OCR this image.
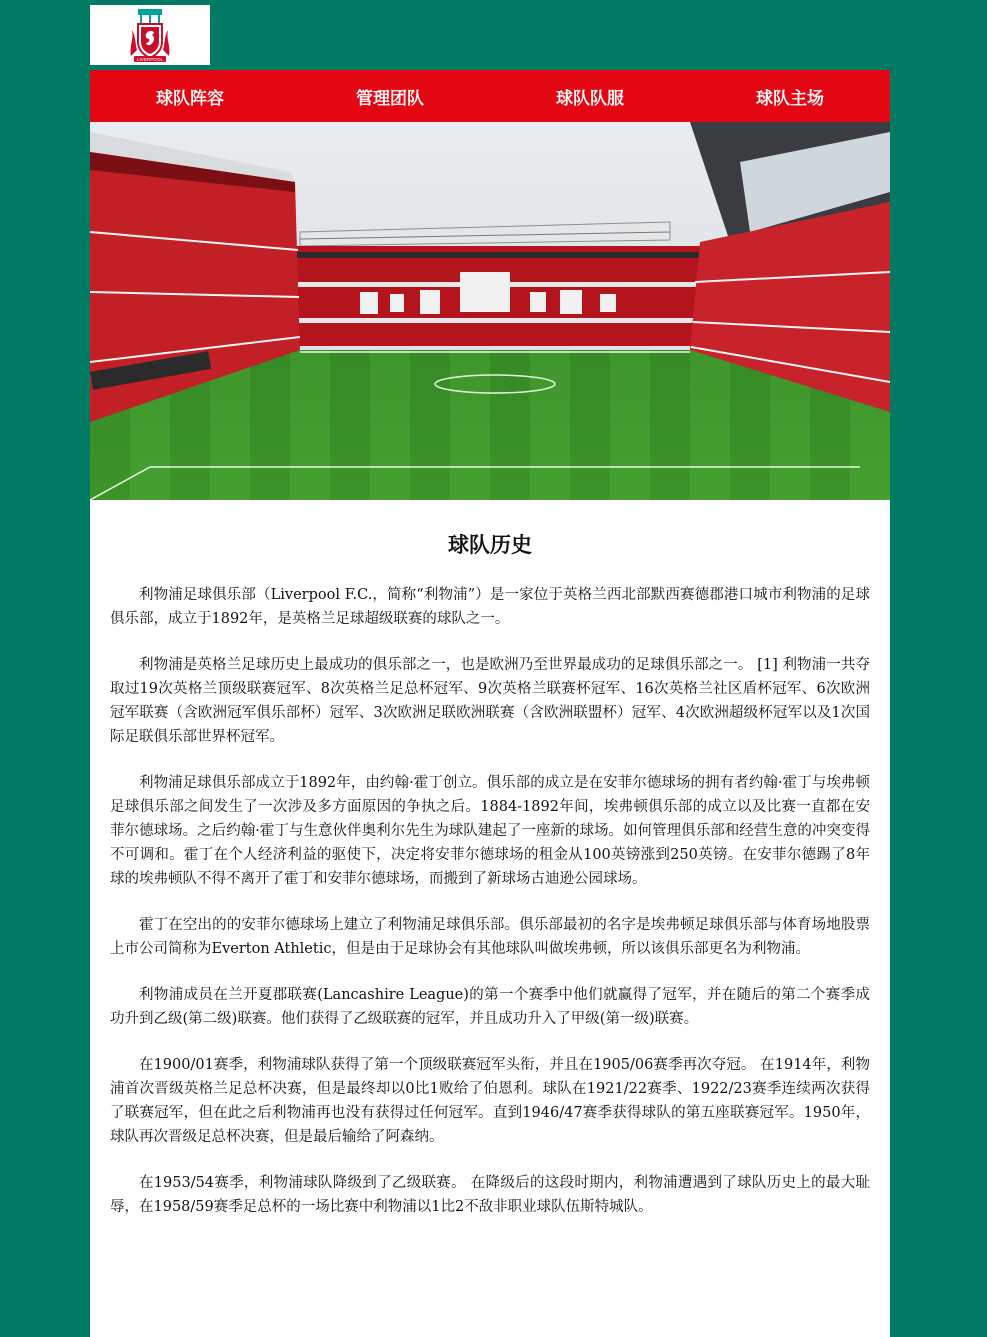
LIVERPOOL
球队阵容	管理团队	球队队服	球队主场
球队历史

利物浦足球俱乐部（Liverpool F.C.，简称“利物浦”）是一家位于英格兰西北部默西赛德郡港口城市利物浦的足球俱乐部，成立于1892年，是英格兰足球超级联赛的球队之一。

利物浦是英格兰足球历史上最成功的俱乐部之一，也是欧洲乃至世界最成功的足球俱乐部之一。 [1] 利物浦一共夺取过19次英格兰顶级联赛冠军、8次英格兰足总杯冠军、9次英格兰联赛杯冠军、16次英格兰社区盾杯冠军、6次欧洲冠军联赛（含欧洲冠军俱乐部杯）冠军、3次欧洲足联欧洲联赛（含欧洲联盟杯）冠军、4次欧洲超级杯冠军以及1次国际足联俱乐部世界杯冠军。

利物浦足球俱乐部成立于1892年，由约翰·霍丁创立。俱乐部的成立是在安菲尔德球场的拥有者约翰·霍丁与埃弗顿足球俱乐部之间发生了一次涉及多方面原因的争执之后。1884-1892年间，埃弗顿俱乐部的成立以及比赛一直都在安菲尔德球场。之后约翰·霍丁与生意伙伴奥利尔先生为球队建起了一座新的球场。如何管理俱乐部和经营生意的冲突变得不可调和。霍丁在个人经济利益的驱使下，决定将安菲尔德球场的租金从100英镑涨到250英镑。在安菲尔德踢了8年球的埃弗顿队不得不离开了霍丁和安菲尔德球场，而搬到了新球场古迪逊公园球场。

霍丁在空出的的安菲尔德球场上建立了利物浦足球俱乐部。俱乐部最初的名字是埃弗顿足球俱乐部与体育场地股票上市公司简称为Everton Athletic，但是由于足球协会有其他球队叫做埃弗顿，所以该俱乐部更名为利物浦。

利物浦成员在兰开夏郡联赛(Lancashire League)的第一个赛季中他们就赢得了冠军，并在随后的第二个赛季成功升到乙级(第二级)联赛。他们获得了乙级联赛的冠军，并且成功升入了甲级(第一级)联赛。

在1900/01赛季，利物浦球队获得了第一个顶级联赛冠军头衔，并且在1905/06赛季再次夺冠。 在1914年，利物浦首次晋级英格兰足总杯决赛，但是最终却以0比1败给了伯恩利。球队在1921/22赛季、1922/23赛季连续两次获得了联赛冠军，但在此之后利物浦再也没有获得过任何冠军。直到1946/47赛季获得球队的第五座联赛冠军。1950年，球队再次晋级足总杯决赛，但是最后输给了阿森纳。

在1953/54赛季，利物浦球队降级到了乙级联赛。 在降级后的这段时期内，利物浦遭遇到了球队历史上的最大耻辱，在1958/59赛季足总杯的一场比赛中利物浦以1比2不敌非职业球队伍斯特城队。
